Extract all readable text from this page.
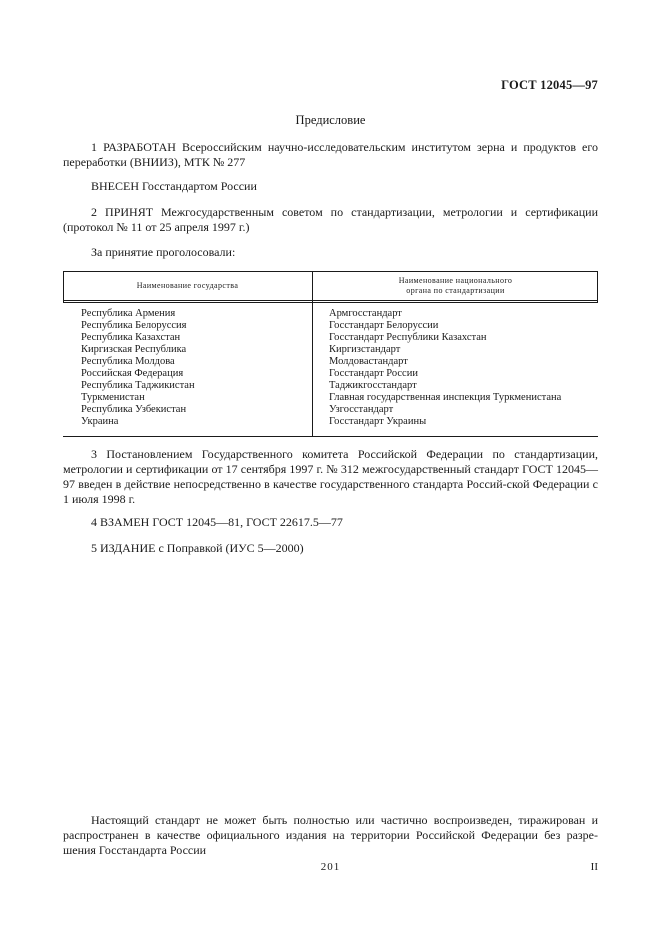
ГОСТ 12045—97
Предисловие
1 РАЗРАБОТАН Всероссийским научно-исследовательским институтом зерна и продуктов его переработки (ВНИИЗ), МТК № 277
ВНЕСЕН Госстандартом России
2 ПРИНЯТ Межгосударственным советом по стандартизации, метрологии и сертификации (протокол № 11 от 25 апреля 1997 г.)
За принятие проголосовали:
Наименование государства
Наименование национального
органа по стандартизации
Республика Армения
Республика Белоруссия
Республика Казахстан
Киргизская Республика
Республика Молдова
Российская Федерация
Республика Таджикистан
Туркменистан
Республика Узбекистан
Украина
Армгосстандарт
Госстандарт Белоруссии
Госстандарт Республики Казахстан
Киргизстандарт
Молдовастандарт
Госстандарт России
Таджикгосстандарт
Главная государственная инспекция Туркменистана
Узгосстандарт
Госстандарт Украины
3 Постановлением Государственного комитета Российской Федерации по стандартизации, метрологии и сертификации от 17 сентября 1997 г. № 312 межгосударственный стандарт ГОСТ 12045—97 введен в действие непосредственно в качестве государственного стандарта Россий-ской Федерации с 1 июля 1998 г.
4 ВЗАМЕН ГОСТ 12045—81, ГОСТ 22617.5—77
5 ИЗДАНИЕ с Поправкой (ИУС 5—2000)
Настоящий стандарт не может быть полностью или частично воспроизведен, тиражирован и распространен в качестве официального издания на территории Российской Федерации без разре-шения Госстандарта России
201	II
